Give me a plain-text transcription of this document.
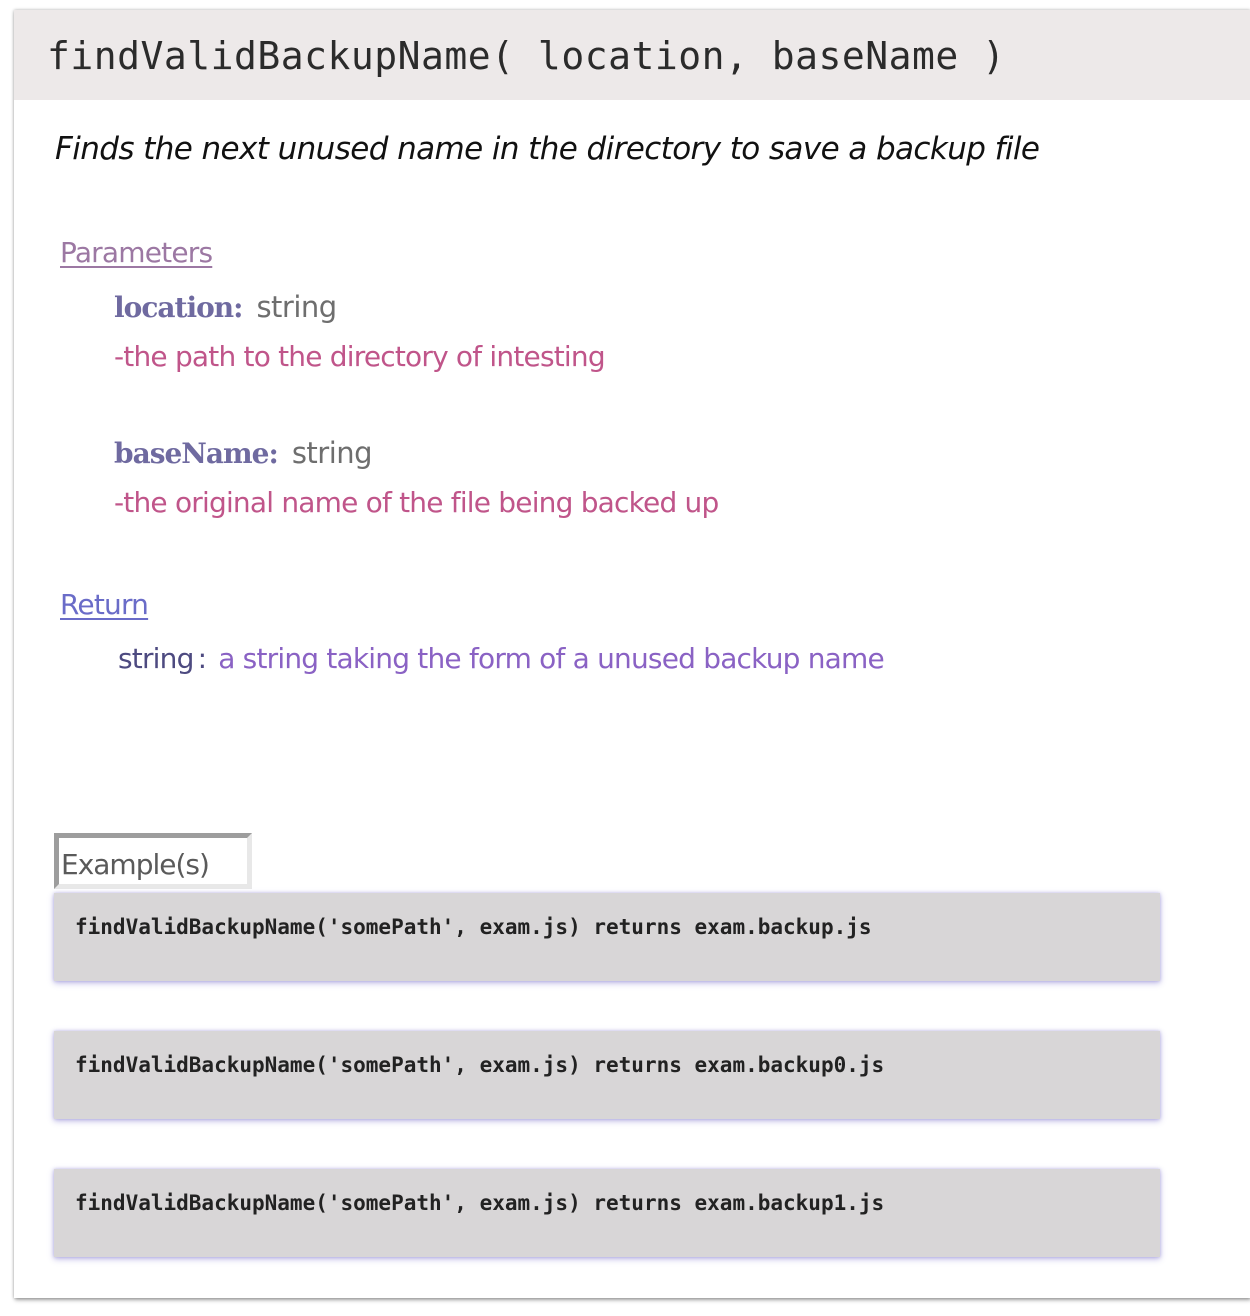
findValidBackupName( location, baseName )
Finds the next unused name in the directory to save a backup file
Parameters
location: string
-the path to the directory of intesting
baseName: string
-the original name of the file being backed up
Return
string : a string taking the form of a unused backup name
Example(s)
findValidBackupName('somePath', exam.js) returns exam.backup.js
findValidBackupName('somePath', exam.js) returns exam.backup0.js
findValidBackupName('somePath', exam.js) returns exam.backup1.js
